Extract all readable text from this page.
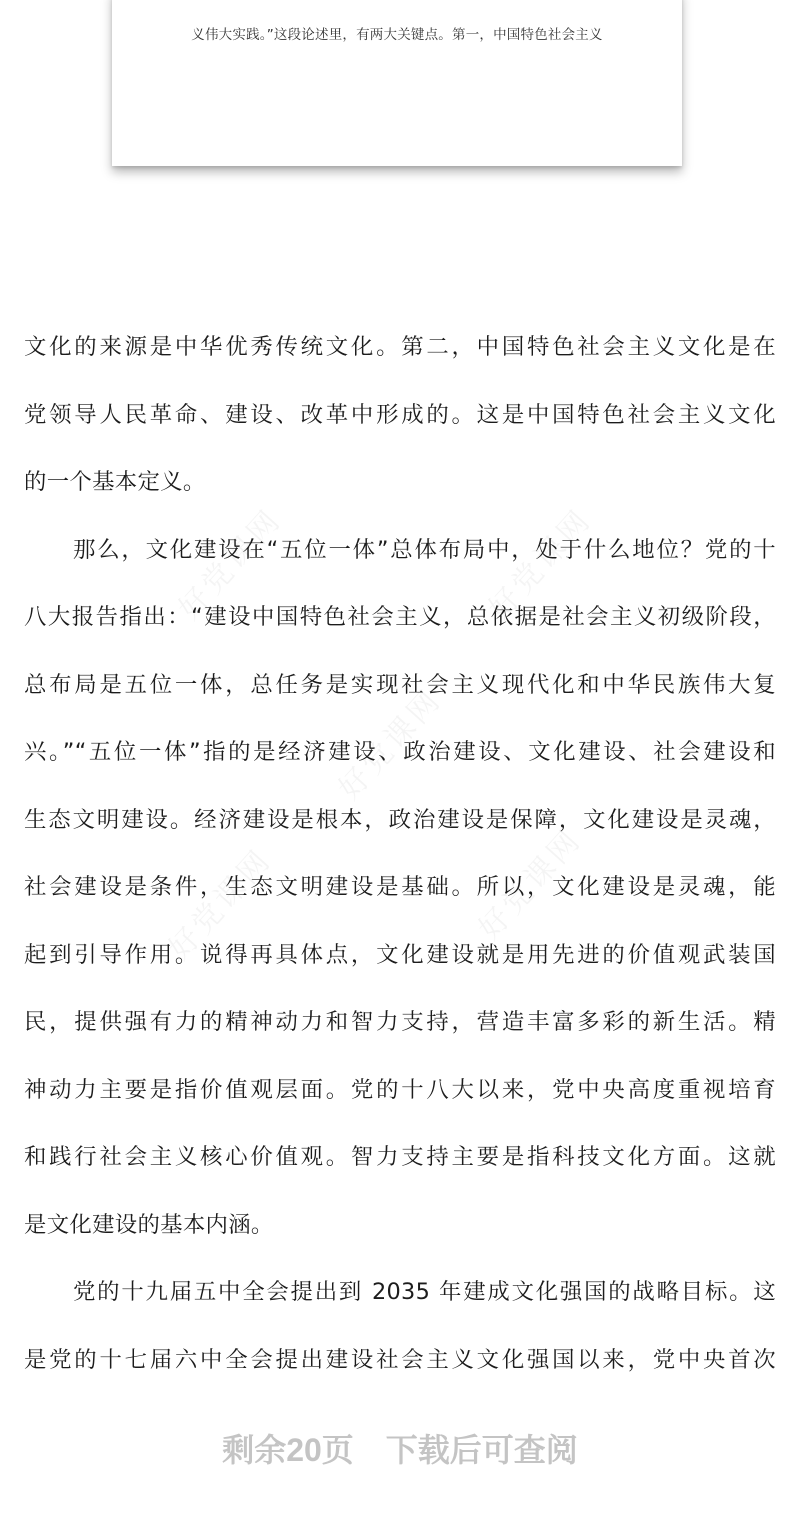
义伟大实践。”这段论述里，有两大关键点。第一，中国特色社会主义
文化的来源是中华优秀传统文化。第二，中国特色社会主义文化是在
党领导人民革命、建设、改革中形成的。这是中国特色社会主义文化
的一个基本定义。
那么，文化建设在“五位一体”总体布局中，处于什么地位？党的十
八大报告指出：“建设中国特色社会主义，总依据是社会主义初级阶段，
总布局是五位一体，总任务是实现社会主义现代化和中华民族伟大复
兴。”“五位一体”指的是经济建设、政治建设、文化建设、社会建设和
生态文明建设。经济建设是根本，政治建设是保障，文化建设是灵魂，
社会建设是条件，生态文明建设是基础。所以，文化建设是灵魂，能
起到引导作用。说得再具体点，文化建设就是用先进的价值观武装国
民，提供强有力的精神动力和智力支持，营造丰富多彩的新生活。精
神动力主要是指价值观层面。党的十八大以来，党中央高度重视培育
和践行社会主义核心价值观。智力支持主要是指科技文化方面。这就
是文化建设的基本内涵。
党的十九届五中全会提出到 2035 年建成文化强国的战略目标。这
是党的十七届六中全会提出建设社会主义文化强国以来，党中央首次
剩余20页 下载后可查阅
